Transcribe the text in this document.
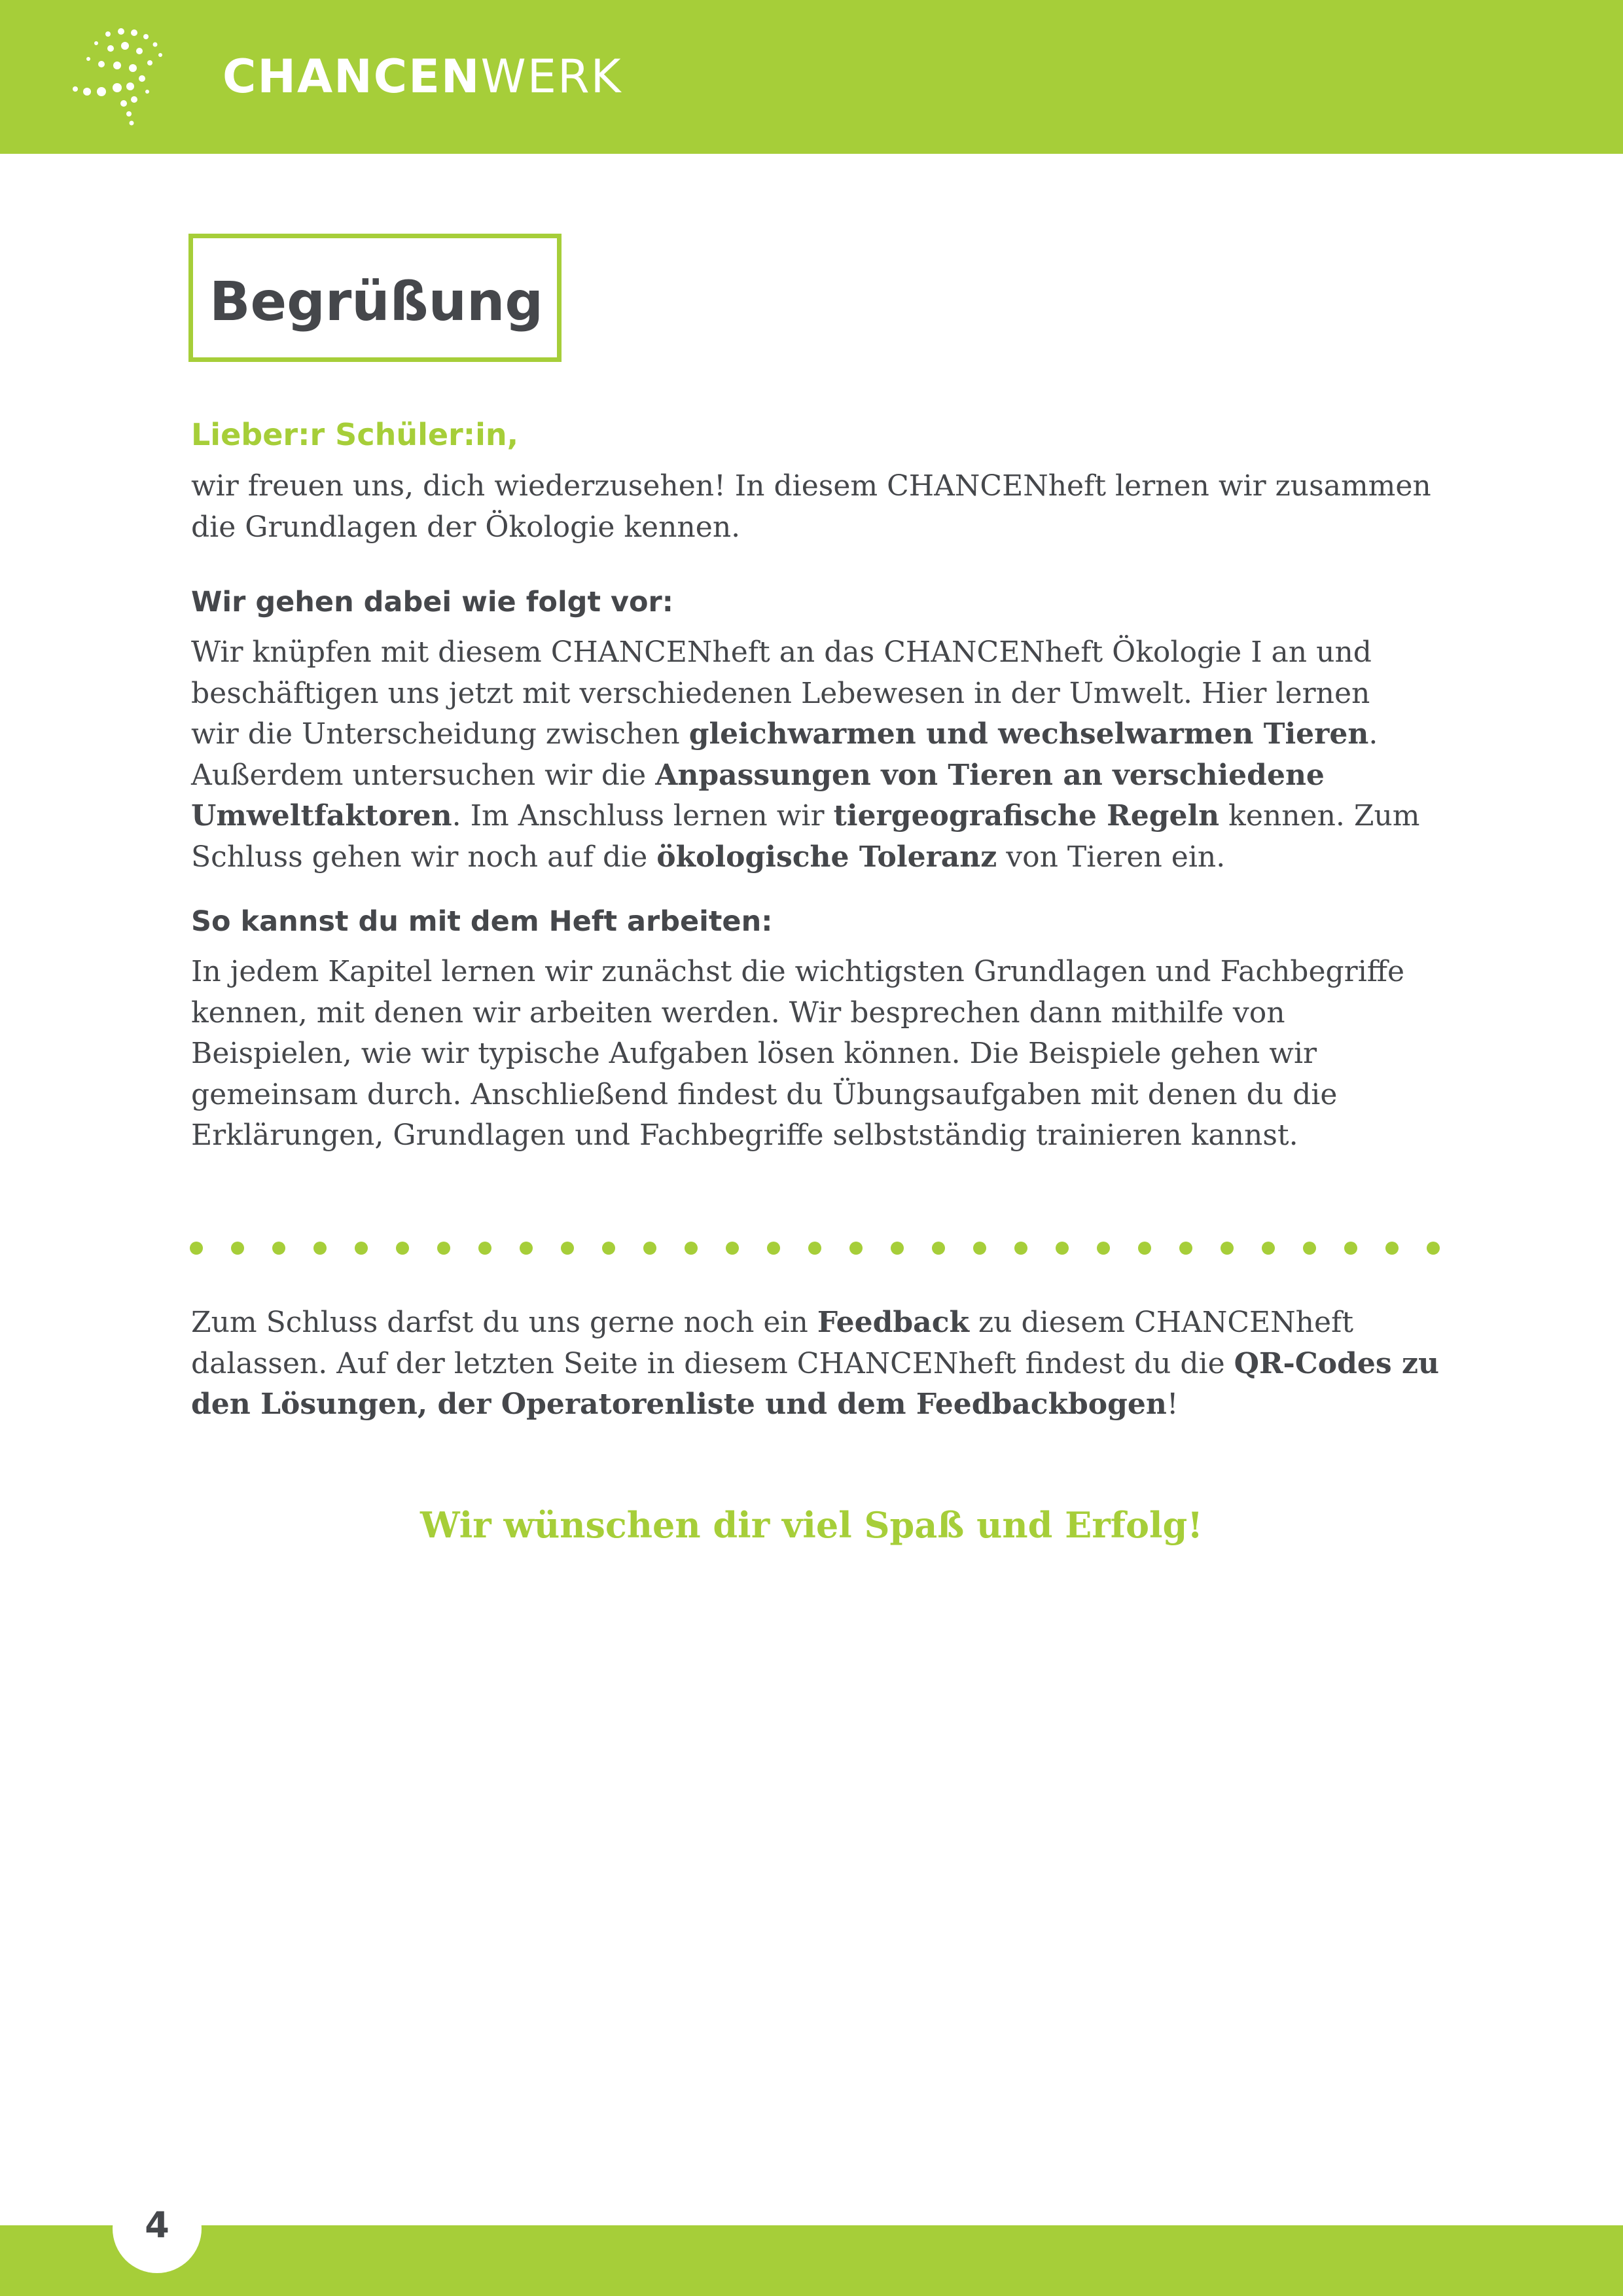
CHANCENWERK
Begrüßung
Lieber:r Schüler:in,
wir freuen uns, dich wiederzusehen! In diesem CHANCENheft lernen wir zusammen
die Grundlagen der Ökologie kennen.
Wir gehen dabei wie folgt vor:
Wir knüpfen mit diesem CHANCENheft an das CHANCENheft Ökologie I an und
beschäftigen uns jetzt mit verschiedenen Lebewesen in der Umwelt. Hier lernen
wir die Unterscheidung zwischen gleichwarmen und wechselwarmen Tieren.
Außerdem untersuchen wir die Anpassungen von Tieren an verschiedene
Umweltfaktoren. Im Anschluss lernen wir tiergeografische Regeln kennen. Zum
Schluss gehen wir noch auf die ökologische Toleranz von Tieren ein.
So kannst du mit dem Heft arbeiten:
In jedem Kapitel lernen wir zunächst die wichtigsten Grundlagen und Fachbegriffe
kennen, mit denen wir arbeiten werden. Wir besprechen dann mithilfe von
Beispielen, wie wir typische Aufgaben lösen können. Die Beispiele gehen wir
gemeinsam durch. Anschließend findest du Übungsaufgaben mit denen du die
Erklärungen, Grundlagen und Fachbegriffe selbstständig trainieren kannst.
Zum Schluss darfst du uns gerne noch ein Feedback zu diesem CHANCENheft
dalassen. Auf der letzten Seite in diesem CHANCENheft findest du die QR-Codes zu
den Lösungen, der Operatorenliste und dem Feedbackbogen!
Wir wünschen dir viel Spaß und Erfolg!
4
